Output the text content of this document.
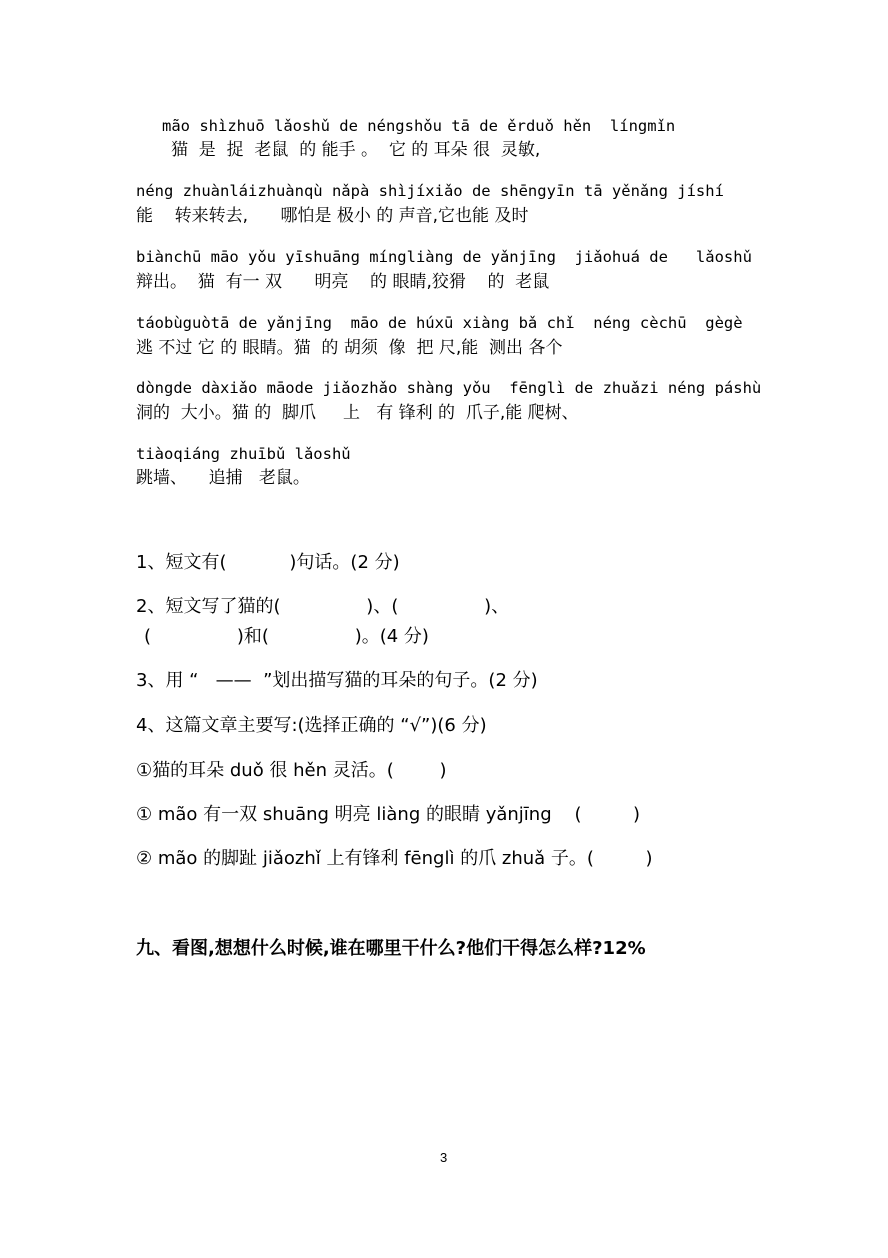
mão shìzhuō lǎoshǔ de néngshǒu tā de ěrduǒ hěn  língmǐn
猫  是  捉  老鼠  的 能手 。  它 的 耳朵 很  灵敏,
néng zhuànláizhuànqù nǎpà shìjíxiǎo de shēngyīn tā yěnǎng jíshí
能    转来转去,      哪怕是 极小 的 声音,它也能 及时
biànchū māo yǒu yīshuāng míngliàng de yǎnjīng  jiǎohuá de   lǎoshǔ
辩出。  猫  有一 双      明亮    的 眼睛,狡猾    的  老鼠
táobùguòtā de yǎnjīng  māo de húxū xiàng bǎ chǐ  néng cèchū  gègè
逃 不过 它 的 眼睛。猫  的 胡须  像  把 尺,能  测出 各个
dòngde dàxiǎo māode jiǎozhǎo shàng yǒu  fēnglì de zhuǎzi néng páshù
洞的  大小。猫 的  脚爪     上   有 锋利 的  爪子,能 爬树、
tiàoqiáng zhuībǔ lǎoshǔ
跳墙、    追捕   老鼠。
1、短文有(           )句话。(2 分)
2、短文写了猫的(               )、(               )、
(               )和(               )。(4 分)
3、用 “   ——  ”划出描写猫的耳朵的句子。(2 分)
4、这篇文章主要写:(选择正确的 “√”)(6 分)
①猫的耳朵 duǒ 很 hěn 灵活。(        )
① mão 有一双 shuāng 明亮 liàng 的眼睛 yǎnjīng    (         )
② mão 的脚趾 jiǎozhǐ 上有锋利 fēnglì 的爪 zhuǎ 子。(         )
九、看图,想想什么时候,谁在哪里干什么?他们干得怎么样?12%
3
